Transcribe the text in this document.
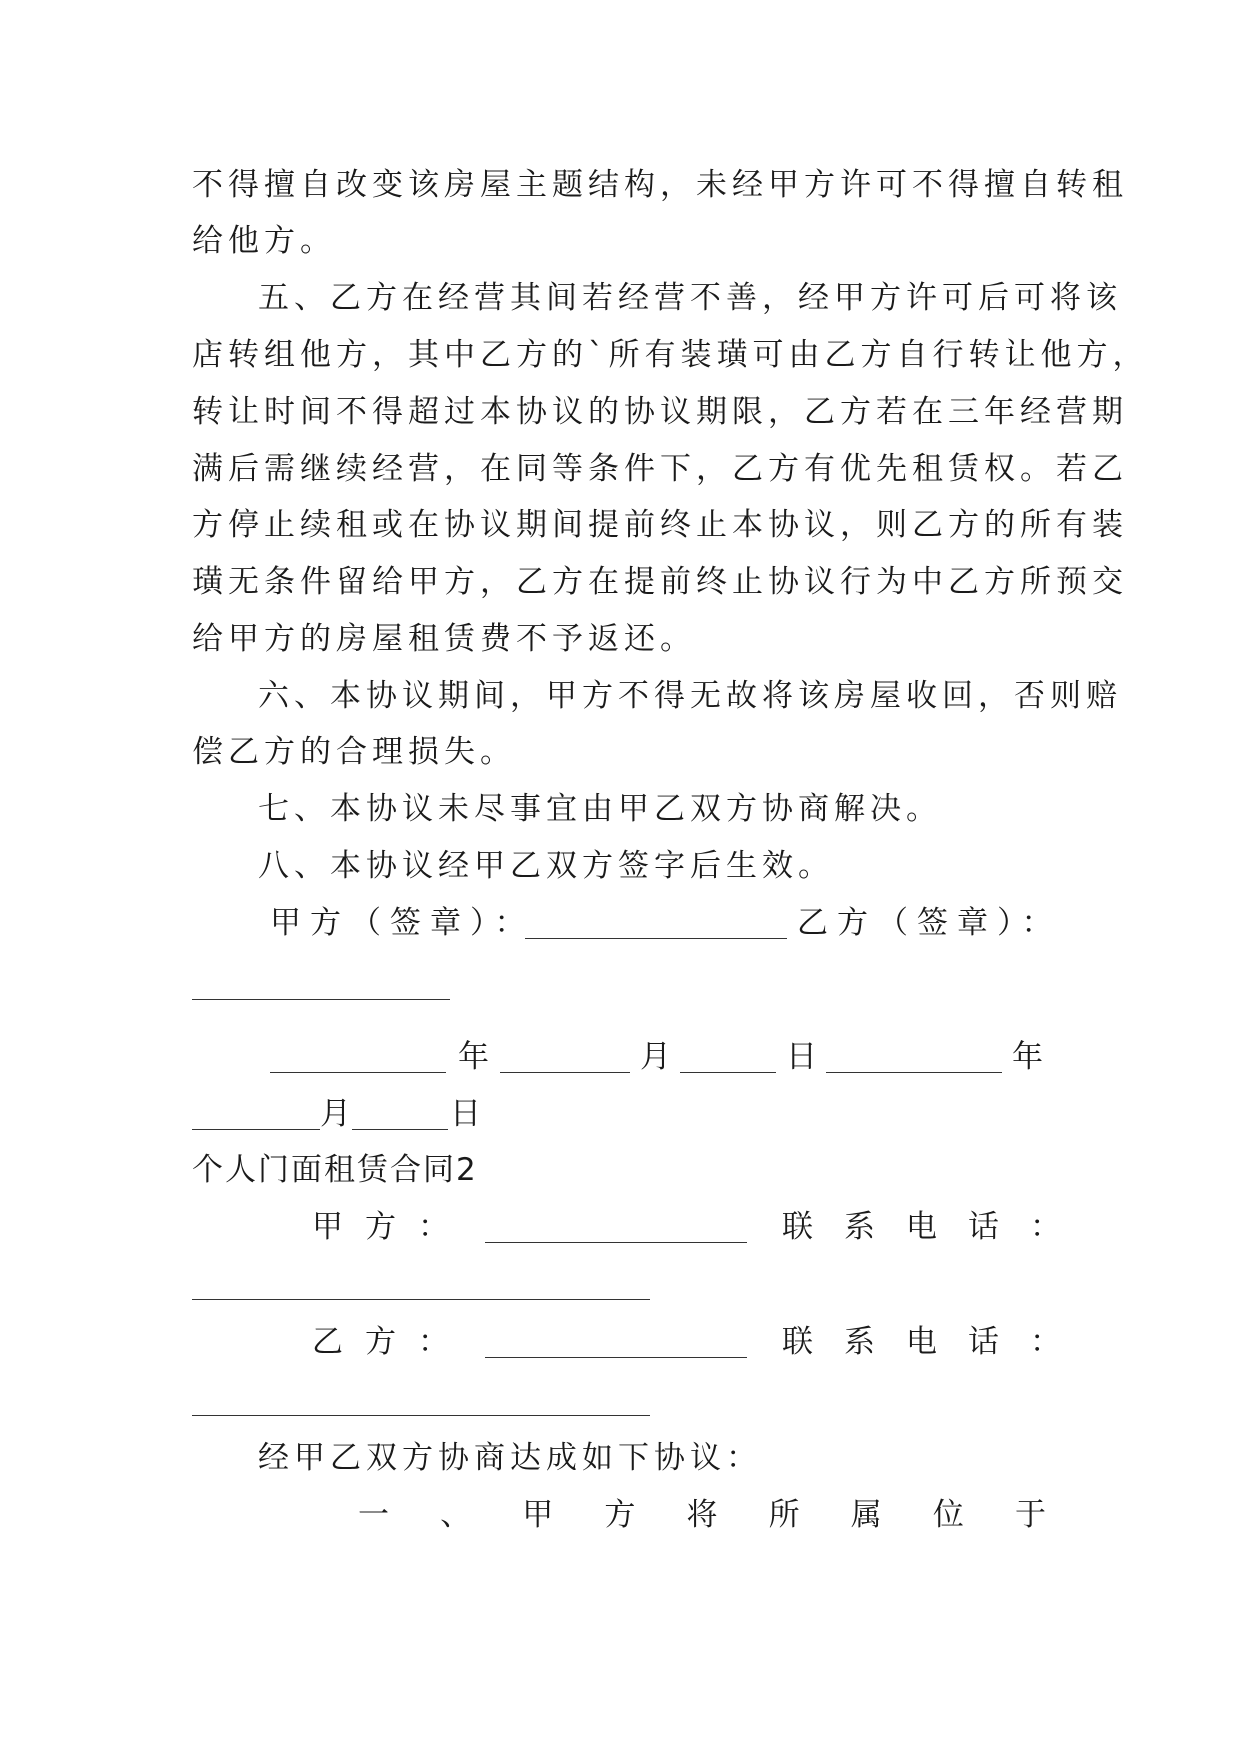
不得擅自改变该房屋主题结构，未经甲方许可不得擅自转租
给他方。
五、乙方在经营其间若经营不善，经甲方许可后可将该
店转组他方，其中乙方的`所有装璜可由乙方自行转让他方，
转让时间不得超过本协议的协议期限，乙方若在三年经营期
满后需继续经营，在同等条件下，乙方有优先租赁权。若乙
方停止续租或在协议期间提前终止本协议，则乙方的所有装
璜无条件留给甲方，乙方在提前终止协议行为中乙方所预交
给甲方的房屋租赁费不予返还。
六、本协议期间，甲方不得无故将该房屋收回，否则赔
偿乙方的合理损失。
七、本协议未尽事宜由甲乙双方协商解决。
八、本协议经甲乙双方签字后生效。
甲方（签章）：	乙方（签章）：
年	月	日	年
月	日
个人门面租赁合同2
甲方：	联系电话：
乙方：	联系电话：
经甲乙双方协商达成如下协议：
一 、 甲 方 将 所 属 位 于
